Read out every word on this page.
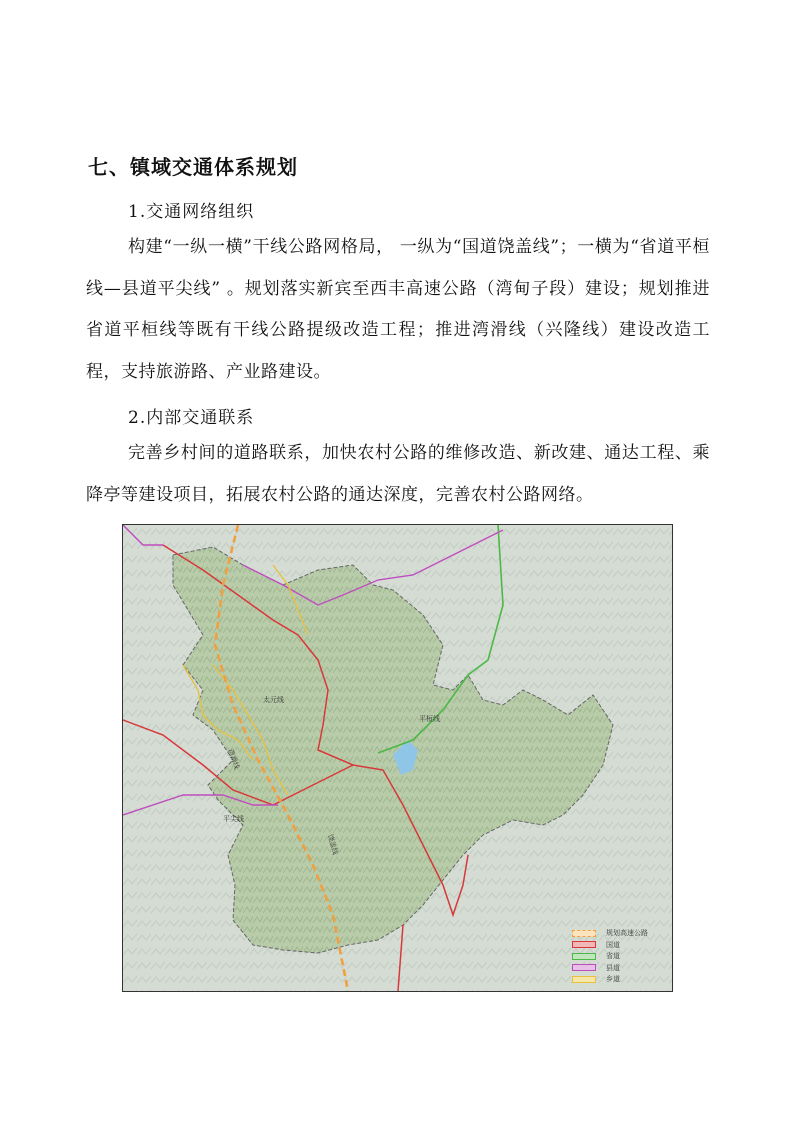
七、镇域交通体系规划
1.交通网络组织

构建“一纵一横”干线公路网格局， 一纵为“国道饶盖线”；一横为“省道平桓线—县道平尖线” 。规划落实新宾至西丰高速公路（湾甸子段）建设；规划推进省道平桓线等既有干线公路提级改造工程；推进湾滑线（兴隆线）建设改造工程，支持旅游路、产业路建设。

2.内部交通联系

完善乡村间的道路联系，加快农村公路的维修改造、新改建、通达工程、乘降亭等建设项目，拓展农村公路的通达深度，完善农村公路网络。

平尖线
饶盖线
平桓线
太元线
湾滑线
规划高速公路
国道
省道
县道
乡道
